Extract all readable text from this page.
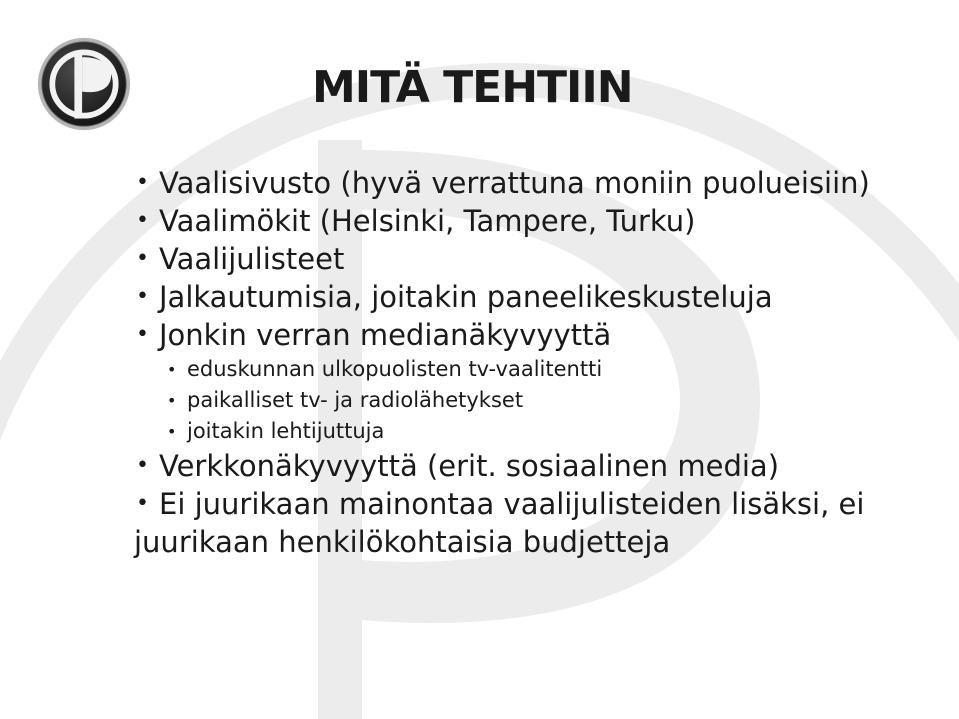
MITÄ TEHTIIN
• Vaalisivusto (hyvä verrattuna moniin puolueisiin)
• Vaalimökit (Helsinki, Tampere, Turku)
• Vaalijulisteet
• Jalkautumisia, joitakin paneelikeskusteluja
• Jonkin verran medianäkyvyyttä
• eduskunnan ulkopuolisten tv-vaalitentti
• paikalliset tv- ja radiolähetykset
• joitakin lehtijuttuja
• Verkkonäkyvyyttä (erit. sosiaalinen media)
• Ei juurikaan mainontaa vaalijulisteiden lisäksi, ei juurikaan henkilökohtaisia budjetteja
